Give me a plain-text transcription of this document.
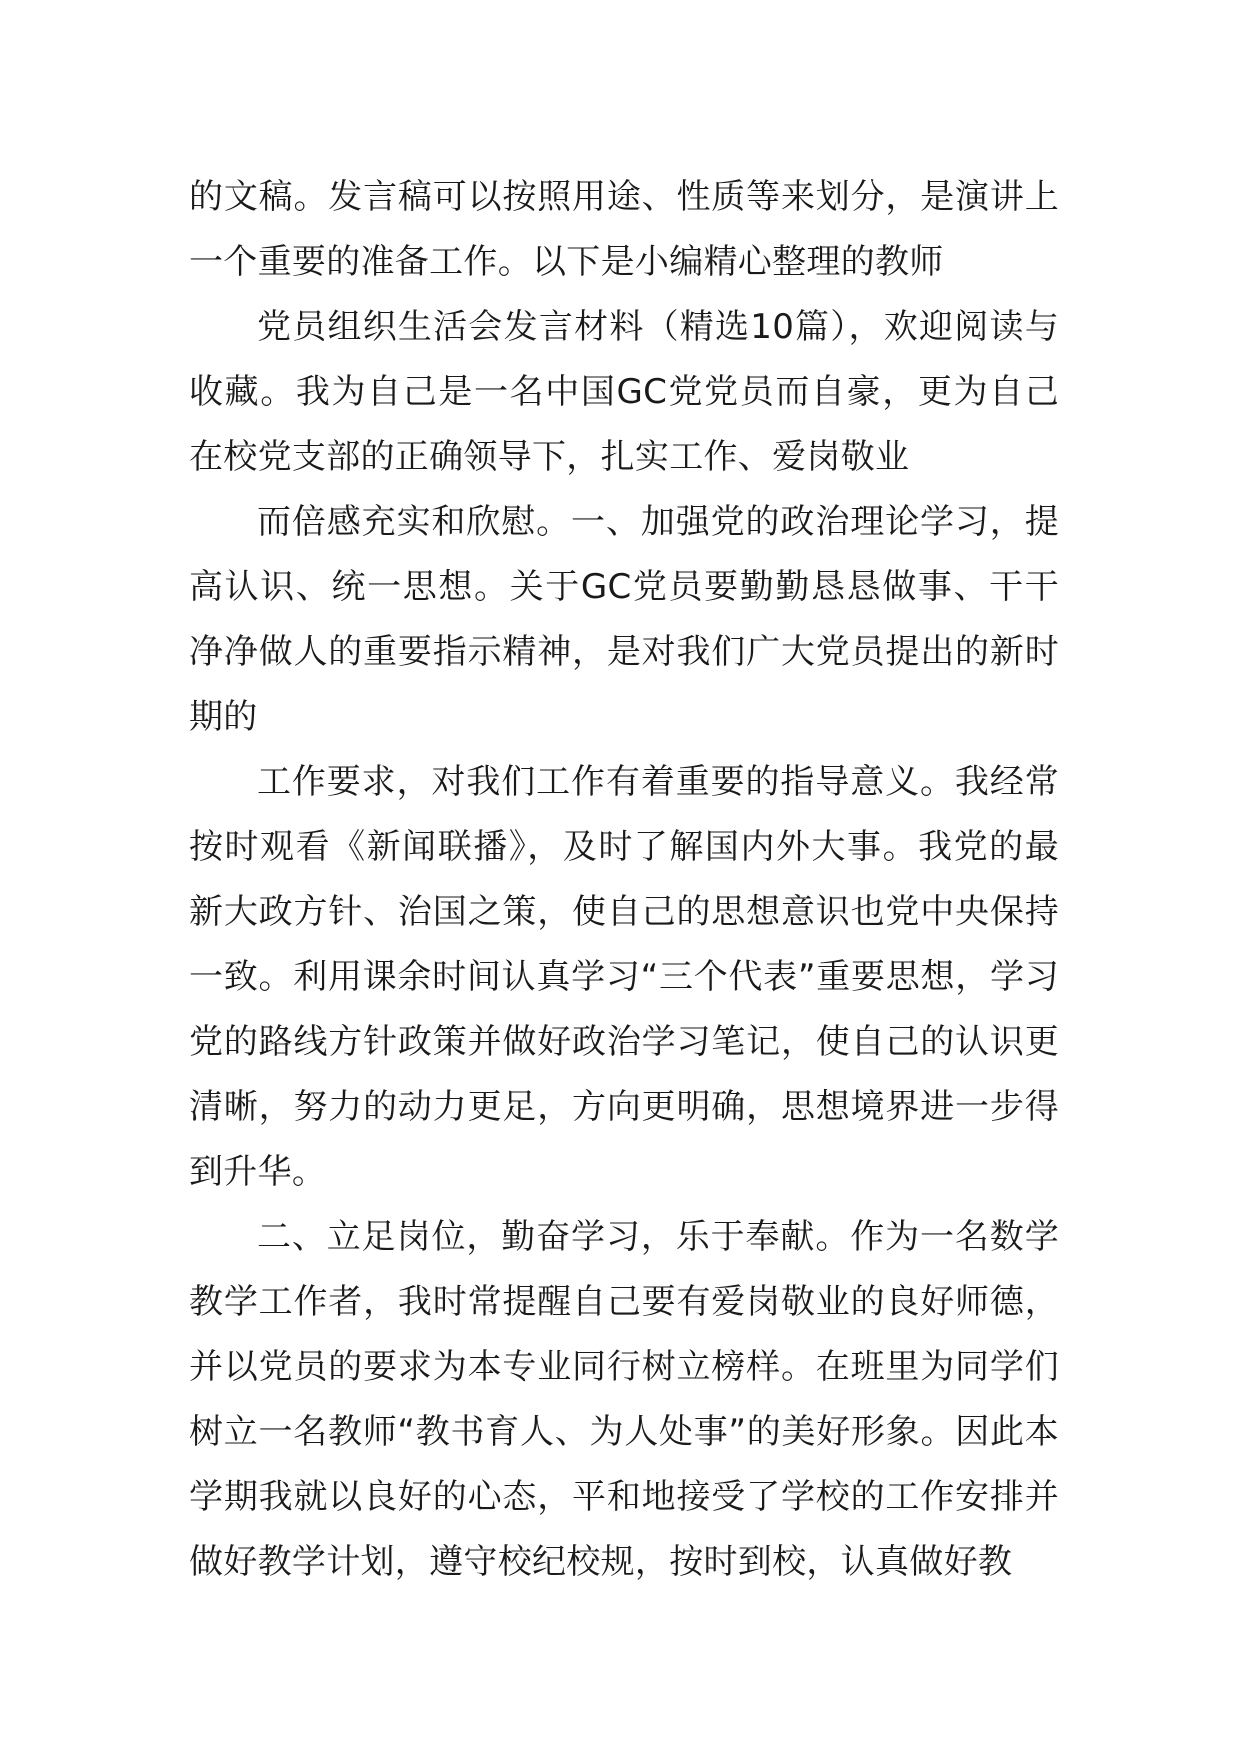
的文稿。发言稿可以按照用途、性质等来划分，是演讲上一个重要的准备工作。以下是小编精心整理的教师

党员组织生活会发言材料（精选10篇），欢迎阅读与收藏。我为自己是一名中国GC党党员而自豪，更为自己在校党支部的正确领导下，扎实工作、爱岗敬业

而倍感充实和欣慰。一、加强党的政治理论学习，提高认识、统一思想。关于GC党员要勤勤恳恳做事、干干净净做人的重要指示精神，是对我们广大党员提出的新时期的

工作要求，对我们工作有着重要的指导意义。我经常按时观看《新闻联播》，及时了解国内外大事。我党的最新大政方针、治国之策，使自己的思想意识也党中央保持一致。利用课余时间认真学习“三个代表”重要思想，学习党的路线方针政策并做好政治学习笔记，使自己的认识更清晰，努力的动力更足，方向更明确，思想境界进一步得到升华。

二、立足岗位，勤奋学习，乐于奉献。作为一名数学教学工作者，我时常提醒自己要有爱岗敬业的良好师德，并以党员的要求为本专业同行树立榜样。在班里为同学们树立一名教师“教书育人、为人处事”的美好形象。因此本学期我就以良好的心态，平和地接受了学校的工作安排并做好教学计划，遵守校纪校规，按时到校，认真做好教
